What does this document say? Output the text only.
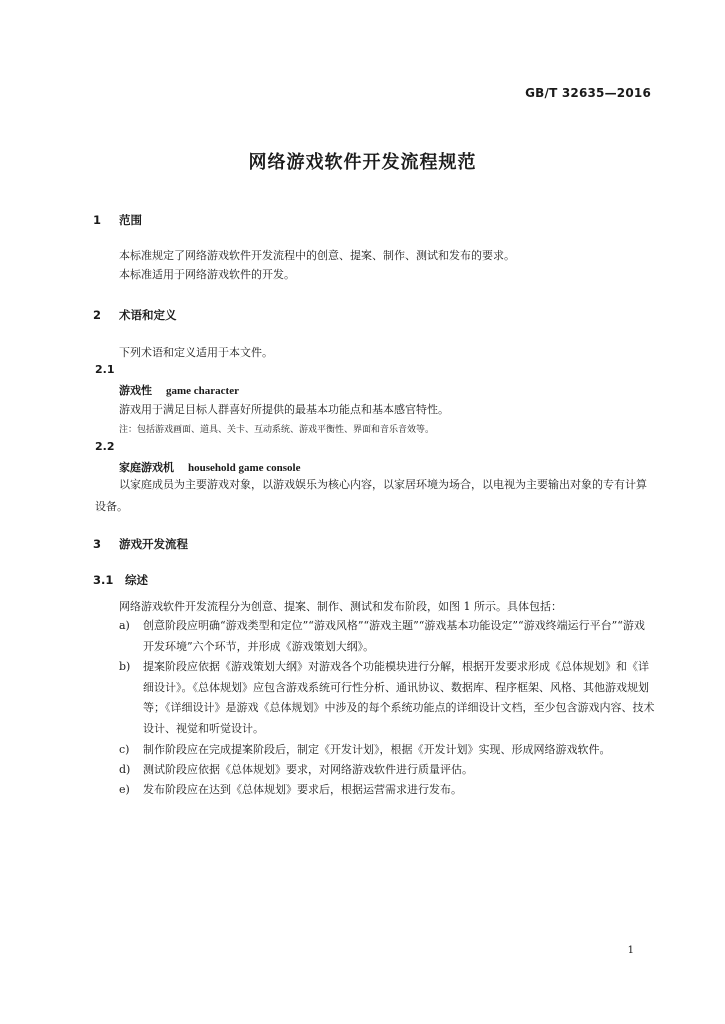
GB/T 32635—2016
网络游戏软件开发流程规范
1 范围
本标准规定了网络游戏软件开发流程中的创意、提案、制作、测试和发布的要求。
本标准适用于网络游戏软件的开发。
2 术语和定义
下列术语和定义适用于本文件。
2.1
游戏性 game character
游戏用于满足目标人群喜好所提供的最基本功能点和基本感官特性。
注：包括游戏画面、道具、关卡、互动系统、游戏平衡性、界面和音乐音效等。
2.2
家庭游戏机 household game console
以家庭成员为主要游戏对象，以游戏娱乐为核心内容，以家居环境为场合，以电视为主要输出对象的专有计算设备。
3 游戏开发流程
3.1 综述
网络游戏软件开发流程分为创意、提案、制作、测试和发布阶段，如图 1 所示。具体包括：
a)	创意阶段应明确“游戏类型和定位”“游戏风格”“游戏主题”“游戏基本功能设定”“游戏终端运行平台”“游戏开发环境”六个环节，并形成《游戏策划大纲》。
b)	提案阶段应依据《游戏策划大纲》对游戏各个功能模块进行分解，根据开发要求形成《总体规划》和《详细设计》。《总体规划》应包含游戏系统可行性分析、通讯协议、数据库、程序框架、风格、其他游戏规划等；《详细设计》是游戏《总体规划》中涉及的每个系统功能点的详细设计文档，至少包含游戏内容、技术设计、视觉和听觉设计。
c)	制作阶段应在完成提案阶段后，制定《开发计划》，根据《开发计划》实现、形成网络游戏软件。
d)	测试阶段应依据《总体规划》要求，对网络游戏软件进行质量评估。
e)	发布阶段应在达到《总体规划》要求后，根据运营需求进行发布。
1
